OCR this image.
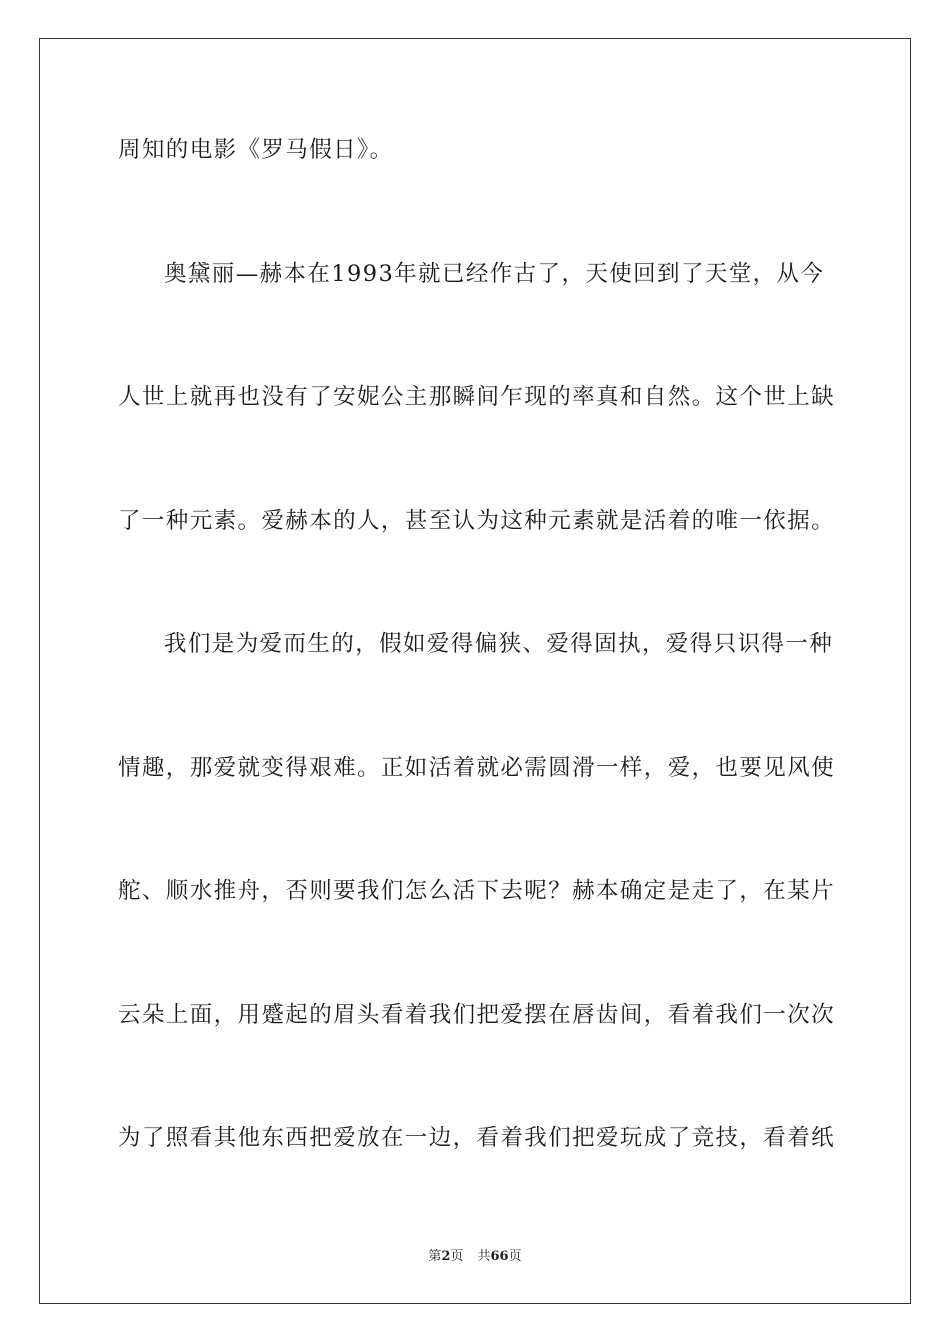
周知的电影《罗马假日》。
奥黛丽—赫本在1993年就已经作古了，天使回到了天堂，从今
人世上就再也没有了安妮公主那瞬间乍现的率真和自然。这个世上缺
了一种元素。爱赫本的人，甚至认为这种元素就是活着的唯一依据。
我们是为爱而生的，假如爱得偏狭、爱得固执，爱得只识得一种
情趣，那爱就变得艰难。正如活着就必需圆滑一样，爱，也要见风使
舵、顺水推舟，否则要我们怎么活下去呢？赫本确定是走了，在某片
云朵上面，用蹙起的眉头看着我们把爱摆在唇齿间，看着我们一次次
为了照看其他东西把爱放在一边，看着我们把爱玩成了竞技，看着纸
第2页 共66页
